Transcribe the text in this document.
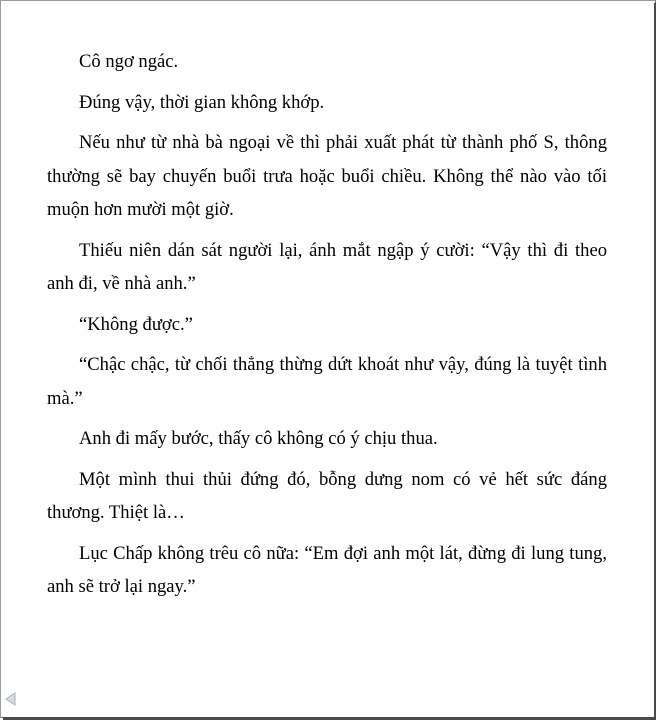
Cô ngơ ngác.

Đúng vậy, thời gian không khớp.

Nếu như từ nhà bà ngoại về thì phải xuất phát từ thành phố S, thông thường sẽ bay chuyến buổi trưa hoặc buổi chiều. Không thể nào vào tối muộn hơn mười một giờ.

Thiếu niên dán sát người lại, ánh mắt ngập ý cười: “Vậy thì đi theo anh đi, về nhà anh.”

“Không được.”

“Chậc chậc, từ chối thẳng thừng dứt khoát như vậy, đúng là tuyệt tình mà.”

Anh đi mấy bước, thấy cô không có ý chịu thua.

Một mình thui thủi đứng đó, bỗng dưng nom có vẻ hết sức đáng thương. Thiệt là…

Lục Chấp không trêu cô nữa: “Em đợi anh một lát, đừng đi lung tung, anh sẽ trở lại ngay.”
